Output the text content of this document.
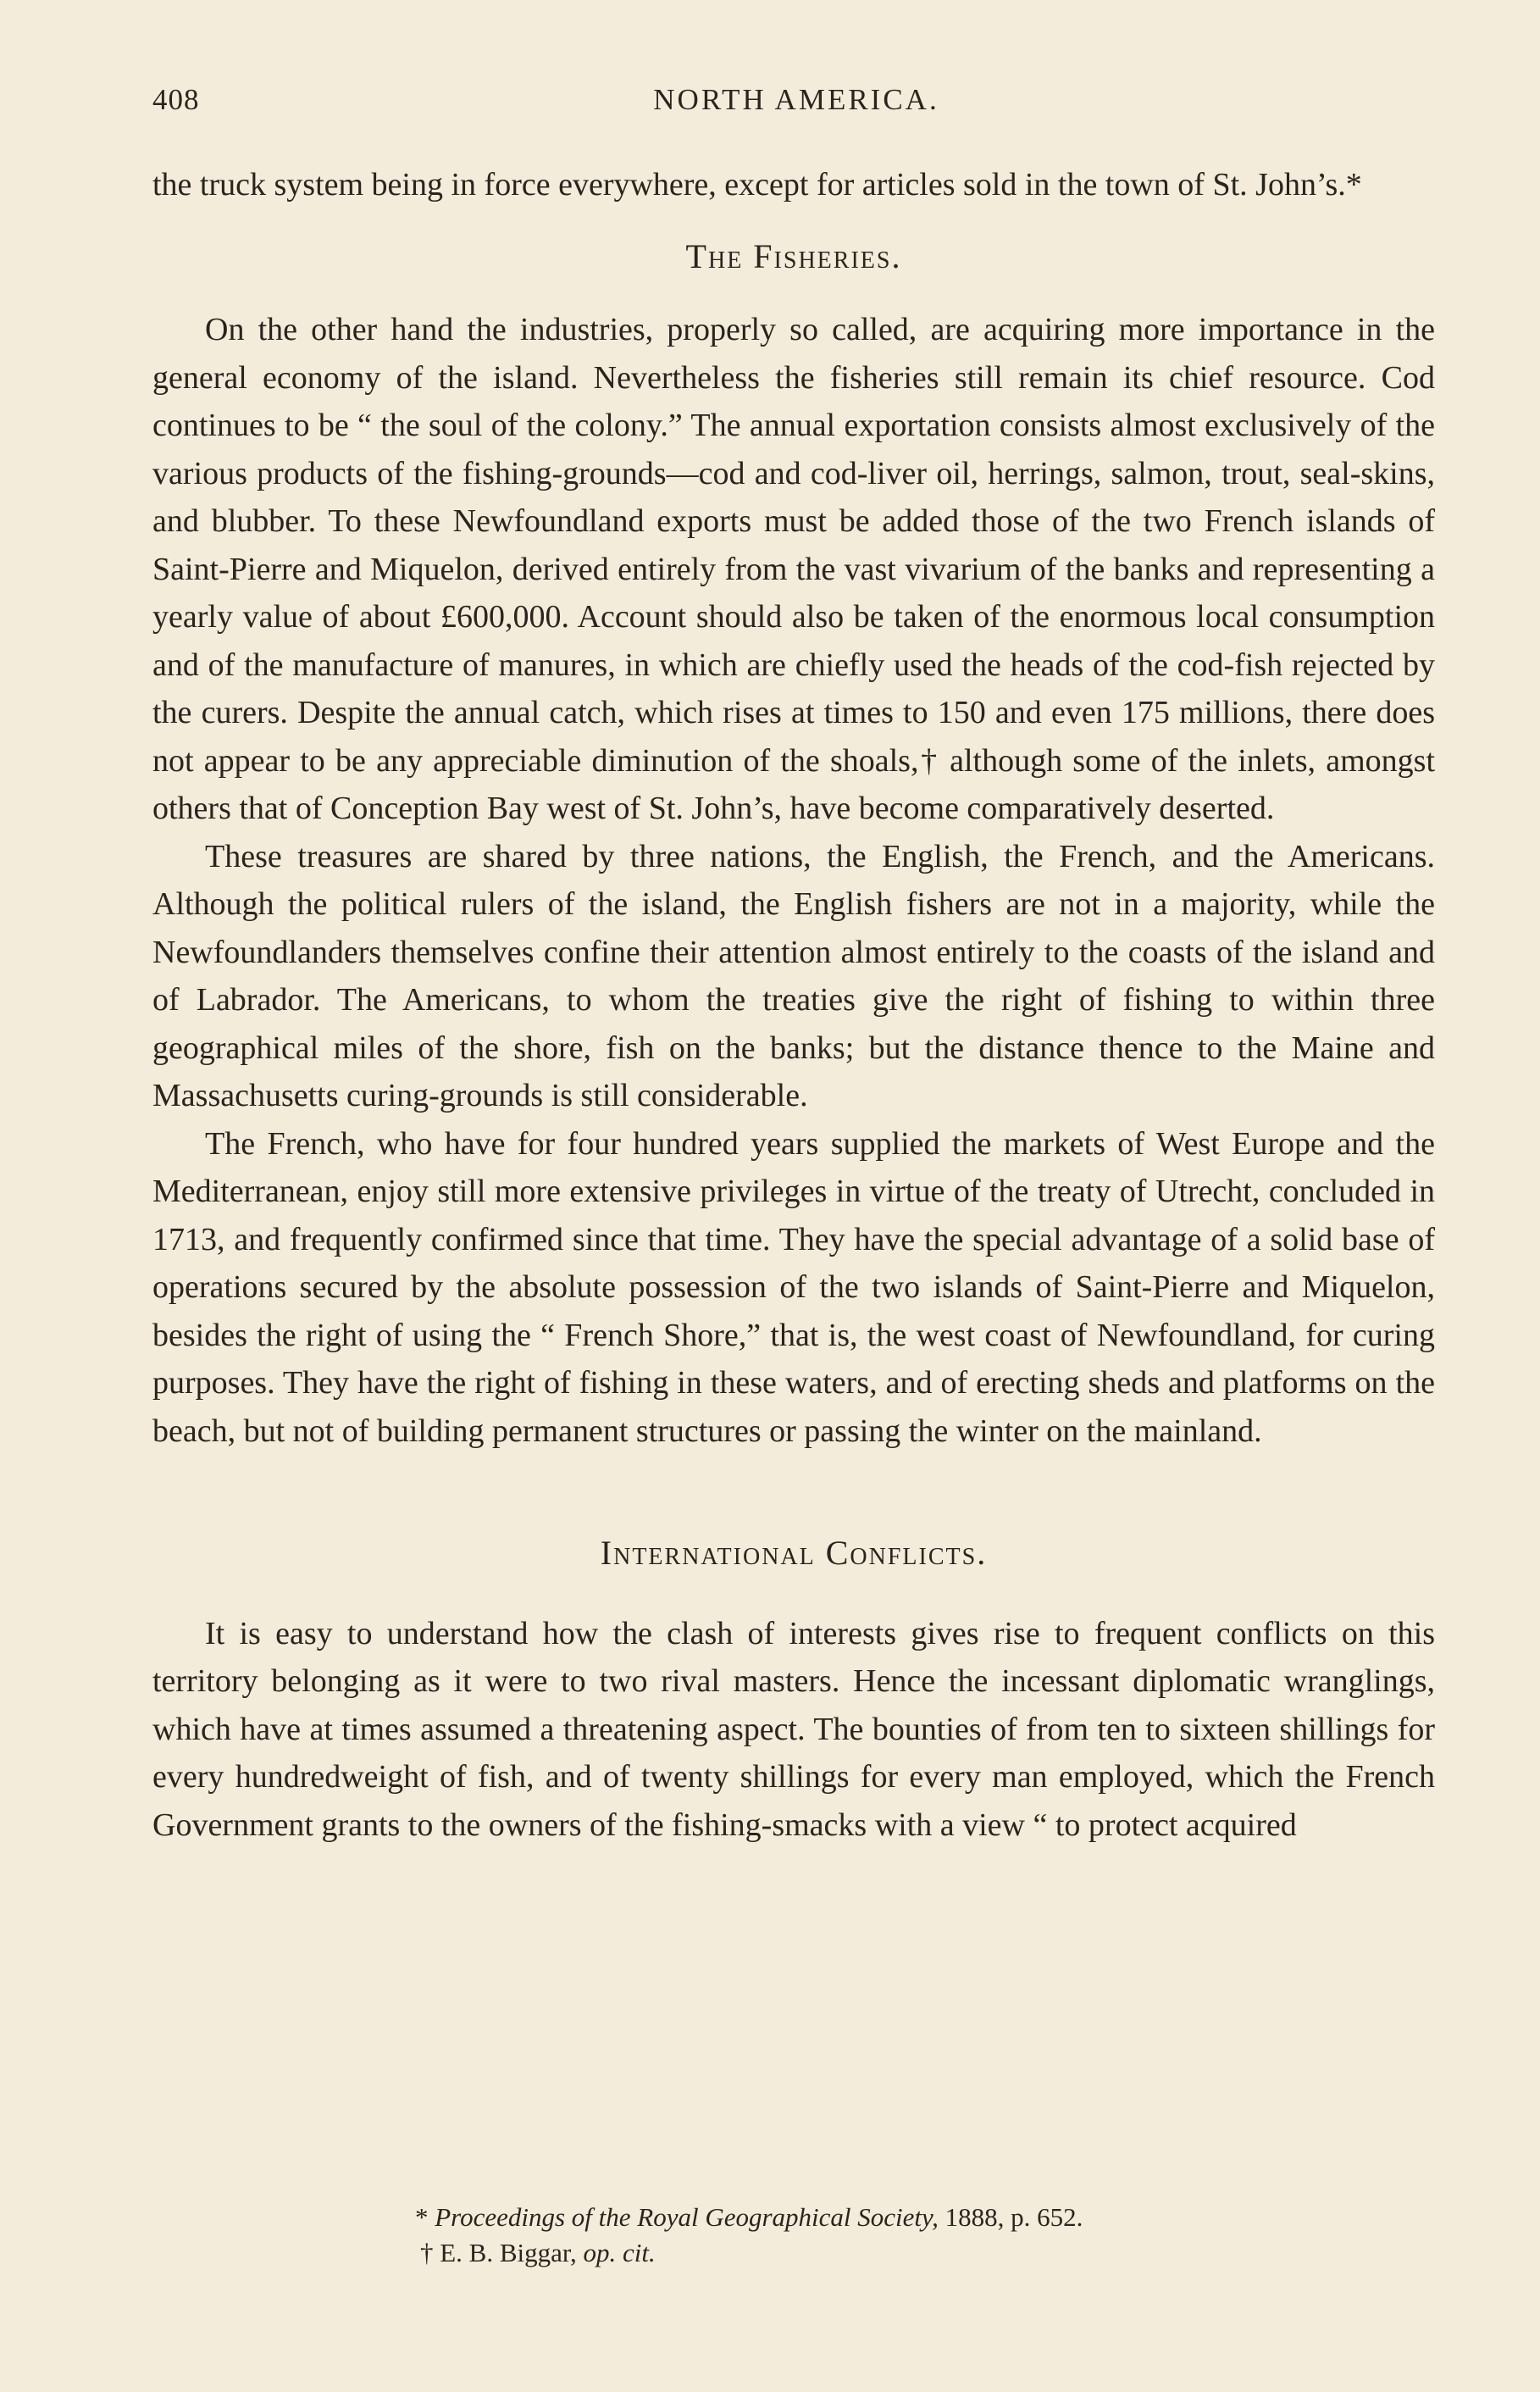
408	NORTH AMERICA.

the truck system being in force everywhere, except for articles sold in the town of St. John’s.*

The Fisheries.

On the other hand the industries, properly so called, are acquiring more importance in the general economy of the island. Nevertheless the fisheries still remain its chief resource. Cod continues to be “ the soul of the colony.” The annual exportation consists almost exclusively of the various products of the fishing-grounds—cod and cod-liver oil, herrings, salmon, trout, seal-skins, and blubber. To these Newfoundland exports must be added those of the two French islands of Saint-Pierre and Miquelon, derived entirely from the vast vivarium of the banks and representing a yearly value of about £600,000. Account should also be taken of the enormous local consumption and of the manufacture of manures, in which are chiefly used the heads of the cod-fish rejected by the curers. Despite the annual catch, which rises at times to 150 and even 175 millions, there does not appear to be any appreciable diminution of the shoals,† although some of the inlets, amongst others that of Conception Bay west of St. John’s, have become comparatively deserted.

These treasures are shared by three nations, the English, the French, and the Americans. Although the political rulers of the island, the English fishers are not in a majority, while the Newfoundlanders themselves confine their attention almost entirely to the coasts of the island and of Labrador. The Americans, to whom the treaties give the right of fishing to within three geographical miles of the shore, fish on the banks; but the distance thence to the Maine and Massachusetts curing-grounds is still considerable.

The French, who have for four hundred years supplied the markets of West Europe and the Mediterranean, enjoy still more extensive privileges in virtue of the treaty of Utrecht, concluded in 1713, and frequently confirmed since that time. They have the special advantage of a solid base of operations secured by the absolute possession of the two islands of Saint-Pierre and Miquelon, besides the right of using the “ French Shore,” that is, the west coast of Newfoundland, for curing purposes. They have the right of fishing in these waters, and of erecting sheds and platforms on the beach, but not of building permanent structures or passing the winter on the mainland.

International Conflicts.

It is easy to understand how the clash of interests gives rise to frequent conflicts on this territory belonging as it were to two rival masters. Hence the incessant diplomatic wranglings, which have at times assumed a threatening aspect. The bounties of from ten to sixteen shillings for every hundredweight of fish, and of twenty shillings for every man employed, which the French Government grants to the owners of the fishing-smacks with a view “ to protect acquired

* Proceedings of the Royal Geographical Society, 1888, p. 652.
† E. B. Biggar, op. cit.
